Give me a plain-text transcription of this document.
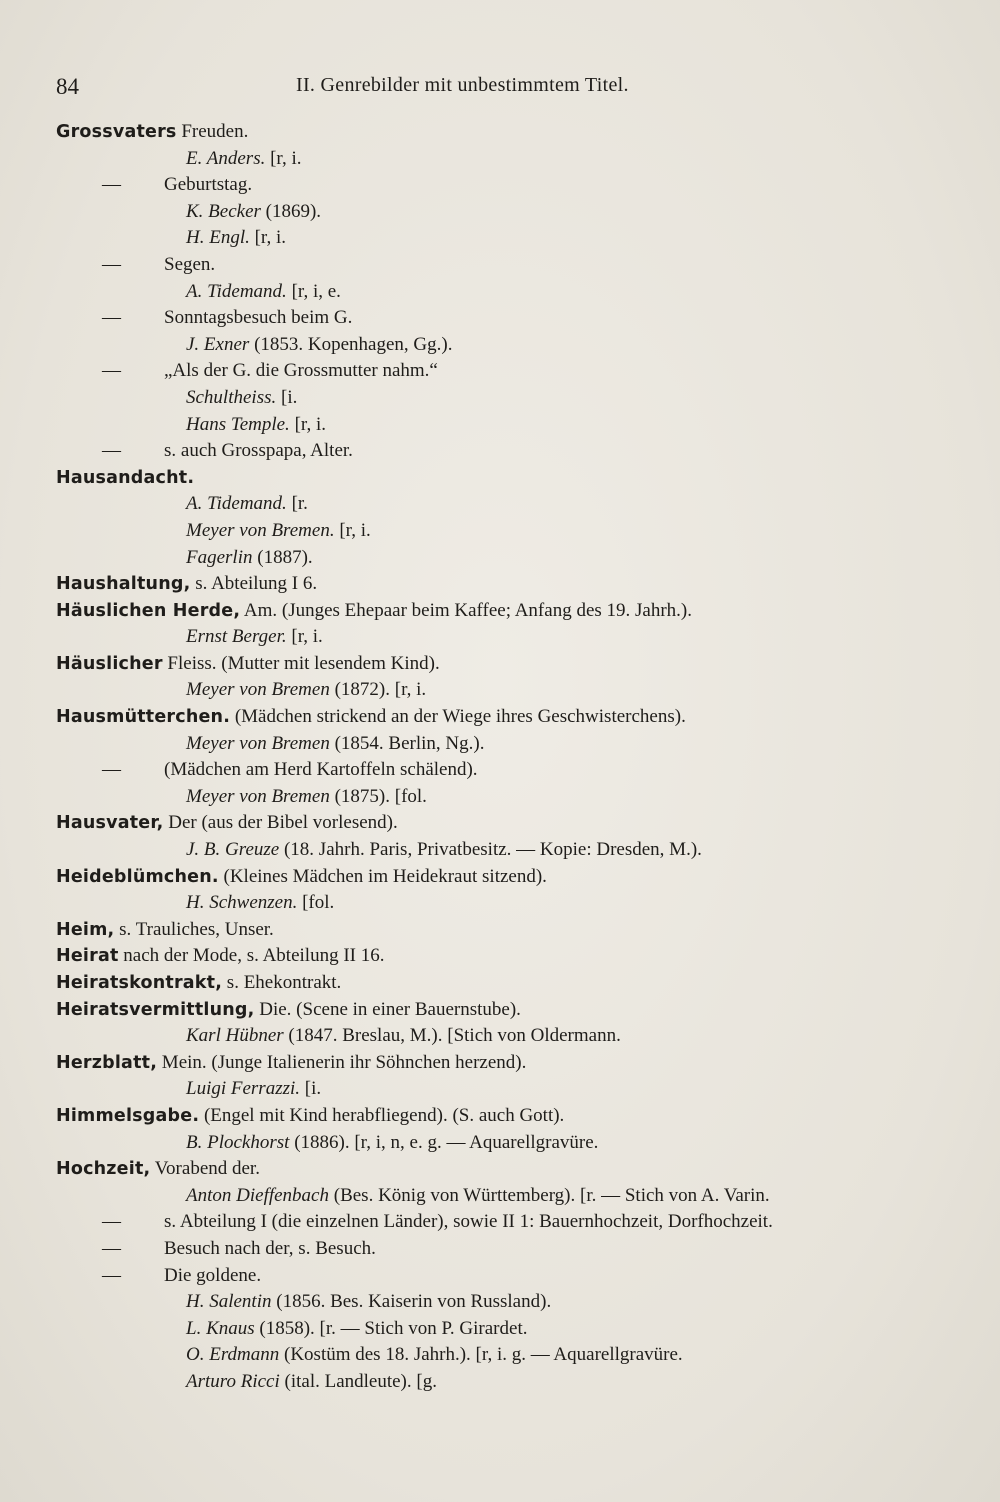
84	II. Genrebilder mit unbestimmtem Titel.
Grossvaters Freuden.
E. Anders. [r, i.
— Geburtstag.
K. Becker (1869).
H. Engl. [r, i.
— Segen.
A. Tidemand. [r, i, e.
— Sonntagsbesuch beim G.
J. Exner (1853. Kopenhagen, Gg.).
— „Als der G. die Grossmutter nahm.“
Schultheiss. [i.
Hans Temple. [r, i.
— s. auch Grosspapa, Alter.
Hausandacht.
A. Tidemand. [r.
Meyer von Bremen. [r, i.
Fagerlin (1887).
Haushaltung, s. Abteilung I 6.
Häuslichen Herde, Am. (Junges Ehepaar beim Kaffee; Anfang des 19. Jahrh.).
Ernst Berger. [r, i.
Häuslicher Fleiss. (Mutter mit lesendem Kind).
Meyer von Bremen (1872). [r, i.
Hausmütterchen. (Mädchen strickend an der Wiege ihres Geschwisterchens).
Meyer von Bremen (1854. Berlin, Ng.).
— (Mädchen am Herd Kartoffeln schälend).
Meyer von Bremen (1875). [fol.
Hausvater, Der (aus der Bibel vorlesend).
J. B. Greuze (18. Jahrh. Paris, Privatbesitz. — Kopie: Dresden, M.).
Heideblümchen. (Kleines Mädchen im Heidekraut sitzend).
H. Schwenzen. [fol.
Heim, s. Trauliches, Unser.
Heirat nach der Mode, s. Abteilung II 16.
Heiratskontrakt, s. Ehekontrakt.
Heiratsvermittlung, Die. (Scene in einer Bauernstube).
Karl Hübner (1847. Breslau, M.). [Stich von Oldermann.
Herzblatt, Mein. (Junge Italienerin ihr Söhnchen herzend).
Luigi Ferrazzi. [i.
Himmelsgabe. (Engel mit Kind herabfliegend). (S. auch Gott).
B. Plockhorst (1886). [r, i, n, e. g. — Aquarellgravüre.
Hochzeit, Vorabend der.
Anton Dieffenbach (Bes. König von Württemberg). [r. — Stich von A. Varin.
— s. Abteilung I (die einzelnen Länder), sowie II 1: Bauernhochzeit, Dorfhochzeit.
— Besuch nach der, s. Besuch.
— Die goldene.
H. Salentin (1856. Bes. Kaiserin von Russland).
L. Knaus (1858). [r. — Stich von P. Girardet.
O. Erdmann (Kostüm des 18. Jahrh.). [r, i. g. — Aquarellgravüre.
Arturo Ricci (ital. Landleute). [g.
